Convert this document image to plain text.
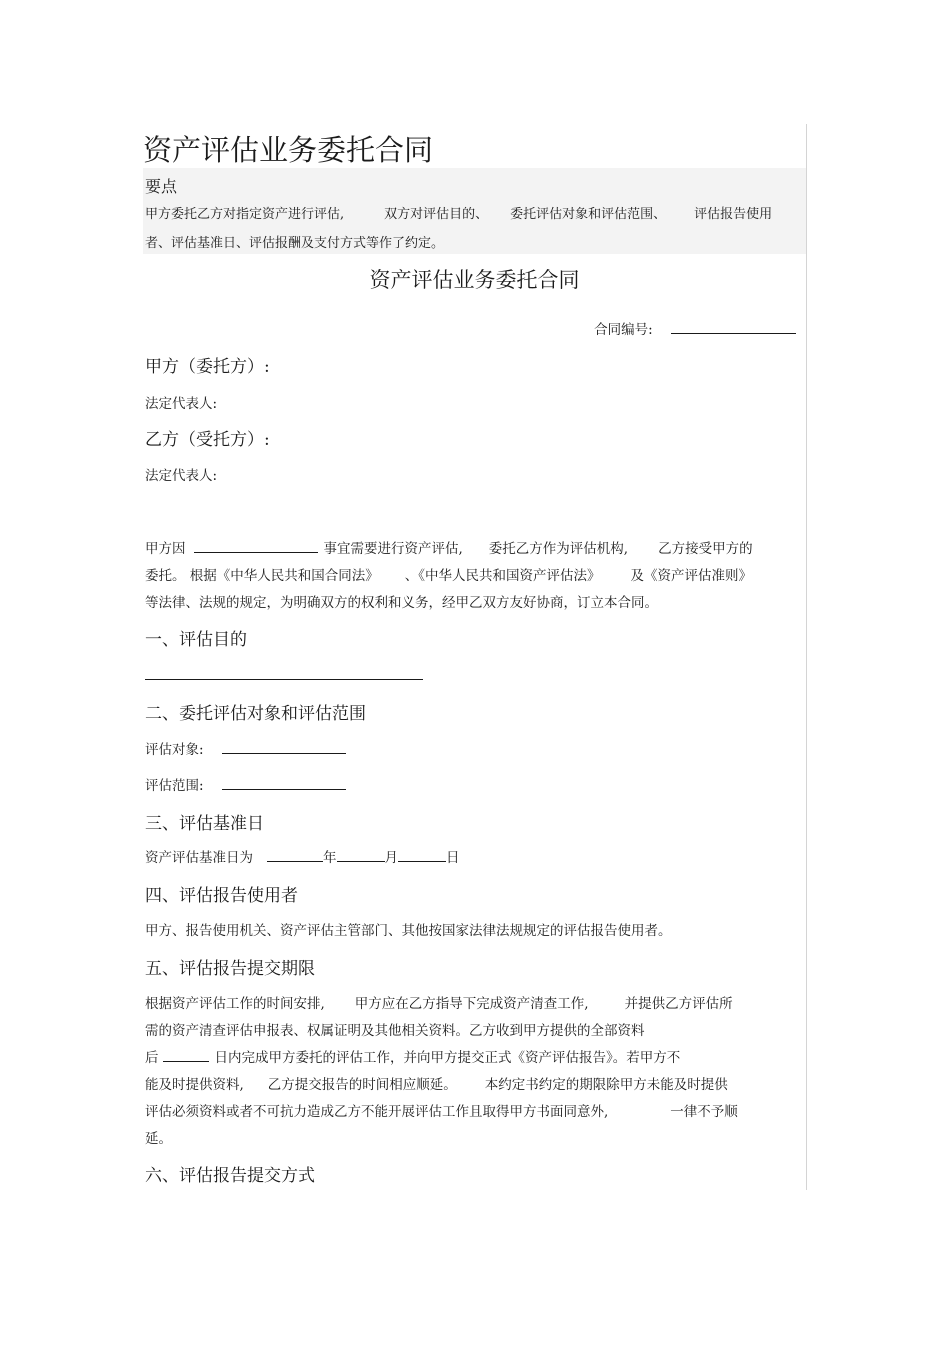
资产评估业务委托合同
要点
甲方委托乙方对指定资产进行评估,	双方对评估目的、 委托评估对象和评估范围、 评估报告使用
者、评估基准日、评估报酬及支付方式等作了约定。
资产评估业务委托合同
合同编号:
甲方（委托方）:
法定代表人:
乙方（受托方）:
法定代表人:
甲方因	事宜需要进行资产评估, 委托乙方作为评估机构, 乙方接受甲方的
委托。 根据《中华人民共和国合同法》 、《中华人民共和国资产评估法》 及《资产评估准则》
等法律、法规的规定，为明确双方的权利和义务，经甲乙双方友好协商，订立本合同。
一、评估目的
二、委托评估对象和评估范围
评估对象:
评估范围:
三、评估基准日
资产评估基准日为	年	月	日
四、评估报告使用者
甲方、报告使用机关、资产评估主管部门、其他按国家法律法规规定的评估报告使用者。
五、评估报告提交期限
根据资产评估工作的时间安排, 甲方应在乙方指导下完成资产清查工作,	并提供乙方评估所
需的资产清查评估申报表、权属证明及其他相关资料。乙方收到甲方提供的全部资料
后	日内完成甲方委托的评估工作，并向甲方提交正式《资产评估报告》。若甲方不
能及时提供资料, 乙方提交报告的时间相应顺延。 本约定书约定的期限除甲方未能及时提供
评估必须资料或者不可抗力造成乙方不能开展评估工作且取得甲方书面同意外,	一律不予顺
延。
六、评估报告提交方式
